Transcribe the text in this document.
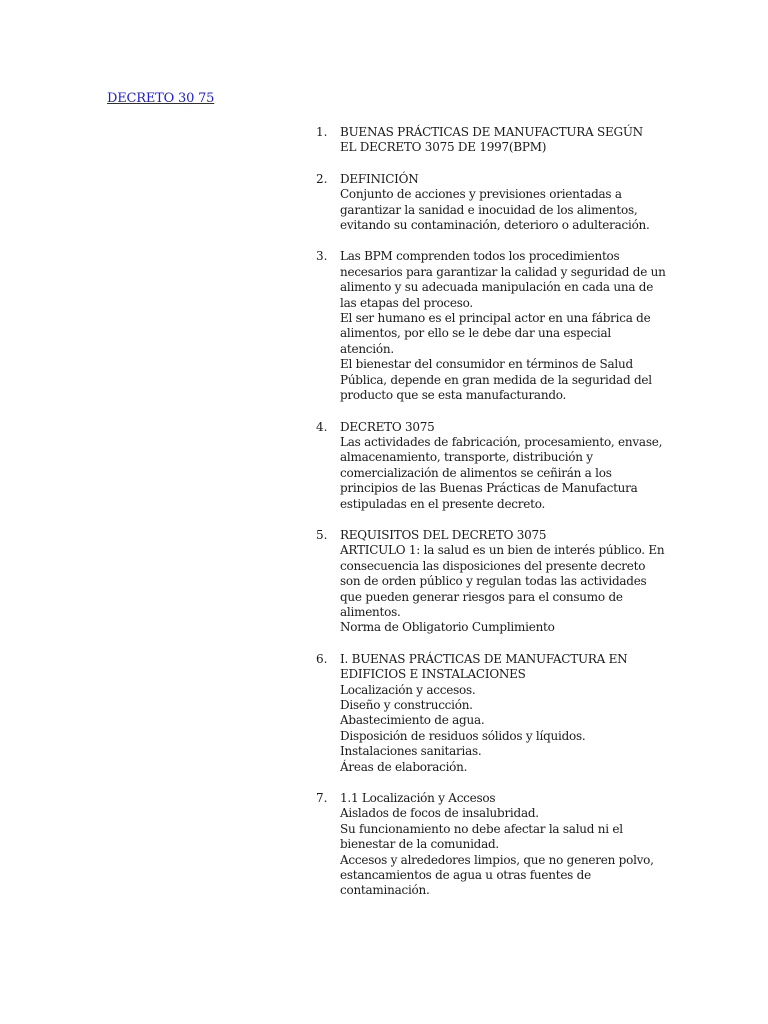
DECRETO 30 75
1.	BUENAS PRÁCTICAS DE MANUFACTURA SEGÚN
EL DECRETO 3075 DE 1997(BPM)
2.	DEFINICIÓN
Conjunto de acciones y previsiones orientadas a
garantizar la sanidad e inocuidad de los alimentos,
evitando su contaminación, deterioro o adulteración.
3.	Las BPM comprenden todos los procedimientos
necesarios para garantizar la calidad y seguridad de un
alimento y su adecuada manipulación en cada una de
las etapas del proceso.
El ser humano es el principal actor en una fábrica de
alimentos, por ello se le debe dar una especial
atención.
El bienestar del consumidor en términos de Salud
Pública, depende en gran medida de la seguridad del
producto que se esta manufacturando.
4.	DECRETO 3075
Las actividades de fabricación, procesamiento, envase,
almacenamiento, transporte, distribución y
comercialización de alimentos se ceñirán a los
principios de las Buenas Prácticas de Manufactura
estipuladas en el presente decreto.
5.	REQUISITOS DEL DECRETO 3075
ARTICULO 1: la salud es un bien de interés público. En
consecuencia las disposiciones del presente decreto
son de orden público y regulan todas las actividades
que pueden generar riesgos para el consumo de
alimentos.
Norma de Obligatorio Cumplimiento
6.	I. BUENAS PRÁCTICAS DE MANUFACTURA EN
EDIFICIOS E INSTALACIONES
Localización y accesos.
Diseño y construcción.
Abastecimiento de agua.
Disposición de residuos sólidos y líquidos.
Instalaciones sanitarias.
Áreas de elaboración.
7.	1.1 Localización y Accesos
Aislados de focos de insalubridad.
Su funcionamiento no debe afectar la salud ni el
bienestar de la comunidad.
Accesos y alrededores limpios, que no generen polvo,
estancamientos de agua u otras fuentes de
contaminación.
